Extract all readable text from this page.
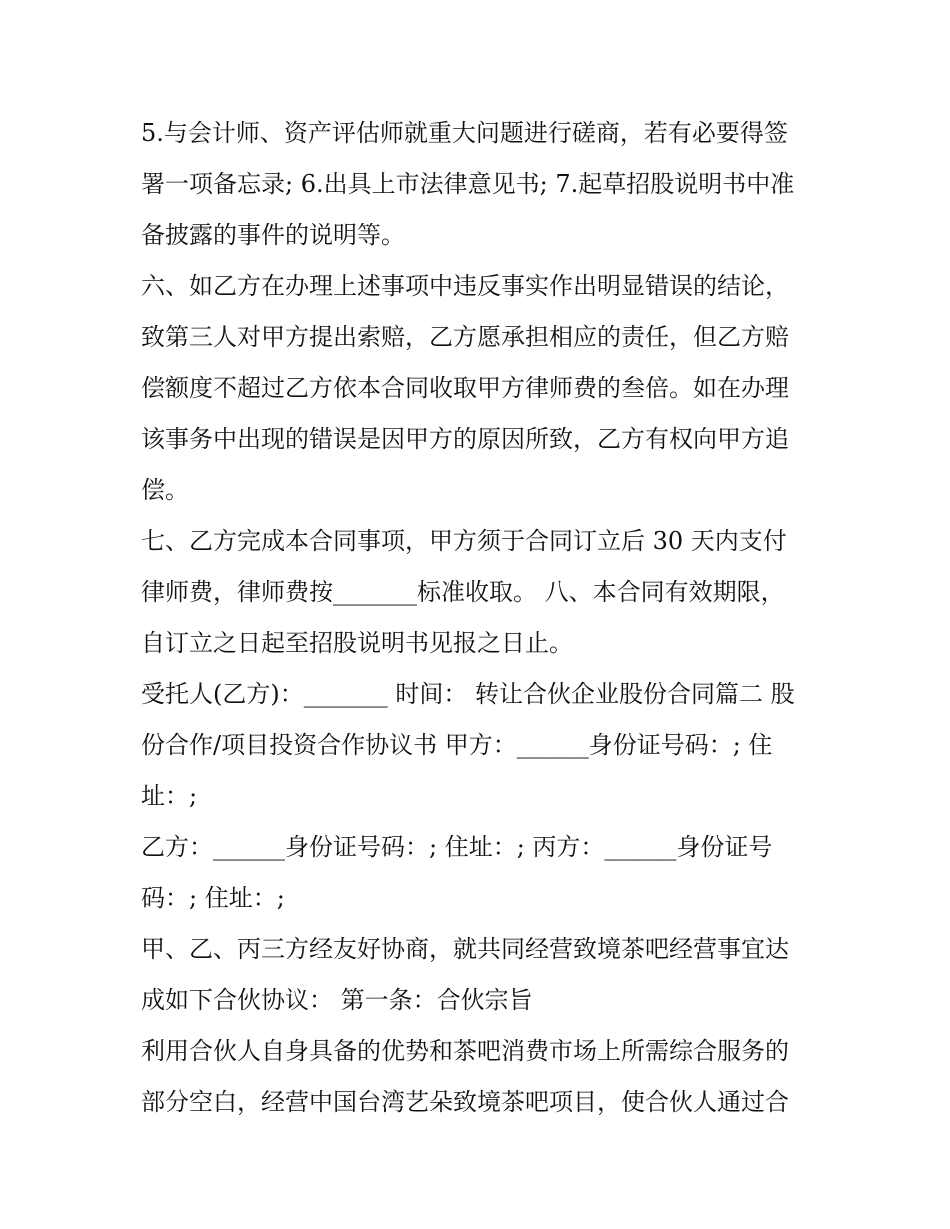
5.与会计师、资产评估师就重大问题进行磋商，若有必要得签
署一项备忘录; 6.出具上市法律意见书; 7.起草招股说明书中准
备披露的事件的说明等。
六、如乙方在办理上述事项中违反事实作出明显错误的结论，
致第三人对甲方提出索赔，乙方愿承担相应的责任，但乙方赔
偿额度不超过乙方依本合同收取甲方律师费的叁倍。如在办理
该事务中出现的错误是因甲方的原因所致，乙方有权向甲方追
偿。
七、乙方完成本合同事项，甲方须于合同订立后 30 天内支付
律师费，律师费按_______标准收取。 八、本合同有效期限，
自订立之日起至招股说明书见报之日止。
受托人(乙方)：_______ 时间： 转让合伙企业股份合同篇二 股
份合作/项目投资合作协议书 甲方：______身份证号码：; 住
址：;
乙方：______身份证号码：; 住址：; 丙方：______身份证号
码：; 住址：;
甲、乙、丙三方经友好协商，就共同经营致境茶吧经营事宜达
成如下合伙协议： 第一条：合伙宗旨
利用合伙人自身具备的优势和茶吧消费市场上所需综合服务的
部分空白，经营中国台湾艺朵致境茶吧项目，使合伙人通过合
